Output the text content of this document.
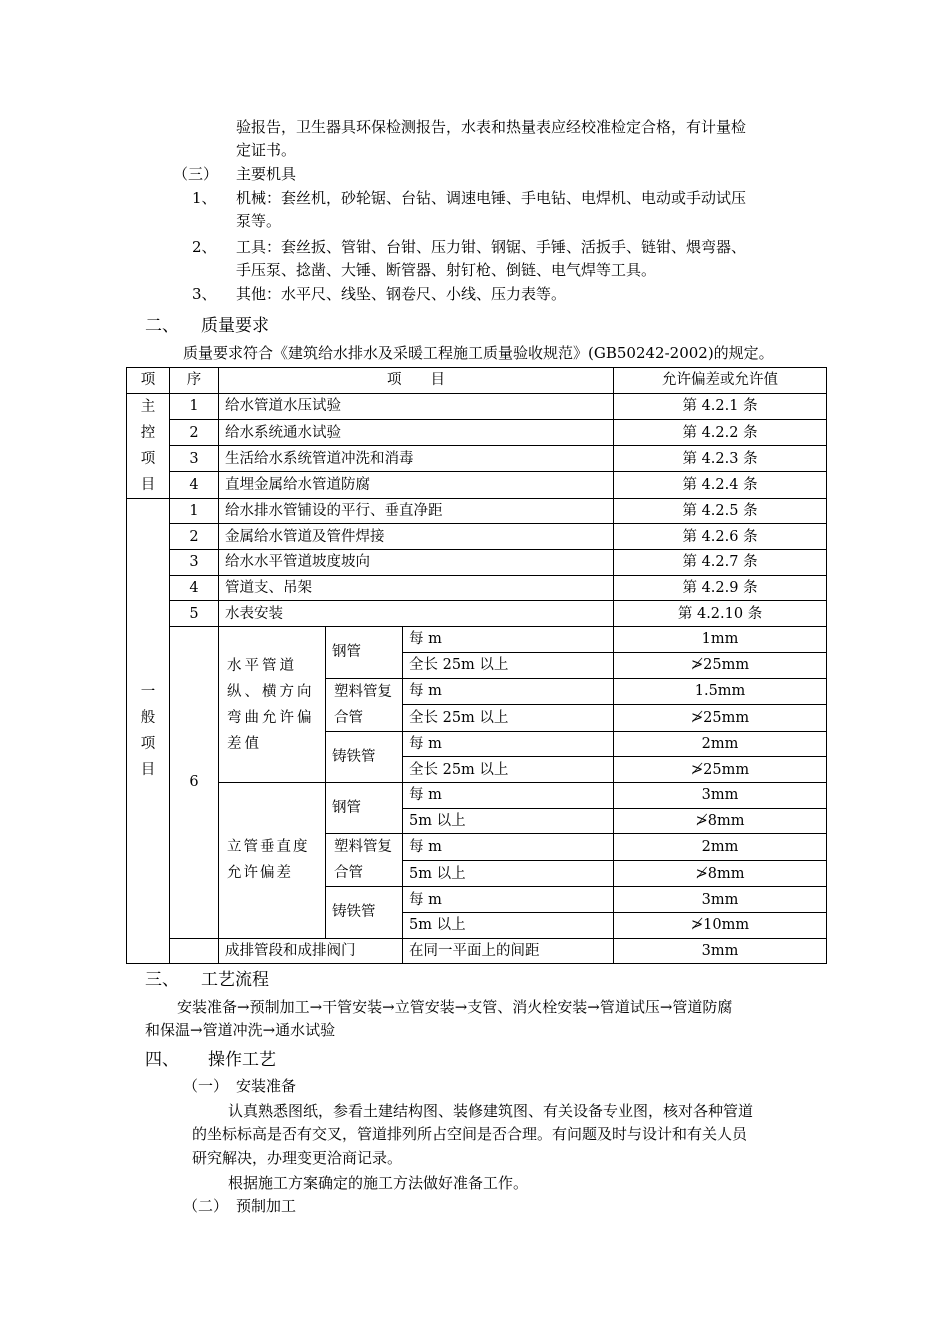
验报告，卫生器具环保检测报告，水表和热量表应经校准检定合格，有计量检
定证书。
（三） 主要机具
1、 机械：套丝机，砂轮锯、台钻、调速电锤、手电钻、电焊机、电动或手动试压
泵等。
2、 工具：套丝扳、管钳、台钳、压力钳、钢锯、手锤、活扳手、链钳、煨弯器、
手压泵、捻凿、大锤、断管器、射钉枪、倒链、电气焊等工具。
3、 其他：水平尺、线坠、钢卷尺、小线、压力表等。
二、 质量要求
质量要求符合《建筑给水排水及采暖工程施工质量验收规范》(GB50242-2002)的规定。
项	序	项　　目			允许偏差或允许值
主控项目	1	给水管道水压试验			第 4.2.1 条
	2	给水系统通水试验			第 4.2.2 条
	3	生活给水系统管道冲洗和消毒			第 4.2.3 条
	4	直埋金属给水管道防腐			第 4.2.4 条
一般项目	1	给水排水管铺设的平行、垂直净距			第 4.2.5 条
	2	金属给水管道及管件焊接			第 4.2.6 条
	3	给水水平管道坡度坡向			第 4.2.7 条
	4	管道支、吊架			第 4.2.9 条
	5	水表安装			第 4.2.10 条
	6	水平管道纵、横方向弯曲允许偏差值	钢管	每 m	1mm
				全长 25m 以上	≯25mm
			塑料管复合管	每 m	1.5mm
				全长 25m 以上	≯25mm
			铸铁管	每 m	2mm
				全长 25m 以上	≯25mm
		立管垂直度允许偏差	钢管	每 m	3mm
				5m 以上	≯8mm
			塑料管复合管	每 m	2mm
				5m 以上	≯8mm
			铸铁管	每 m	3mm
				5m 以上	≯10mm
		成排管段和成排阀门		在同一平面上的间距	3mm
三、 工艺流程
安装准备→预制加工→干管安装→立管安装→支管、消火栓安装→管道试压→管道防腐
和保温→管道冲洗→通水试验
四、 操作工艺
（一） 安装准备
认真熟悉图纸，参看土建结构图、装修建筑图、有关设备专业图，核对各种管道
的坐标标高是否有交叉，管道排列所占空间是否合理。有问题及时与设计和有关人员
研究解决，办理变更洽商记录。
根据施工方案确定的施工方法做好准备工作。
（二） 预制加工
